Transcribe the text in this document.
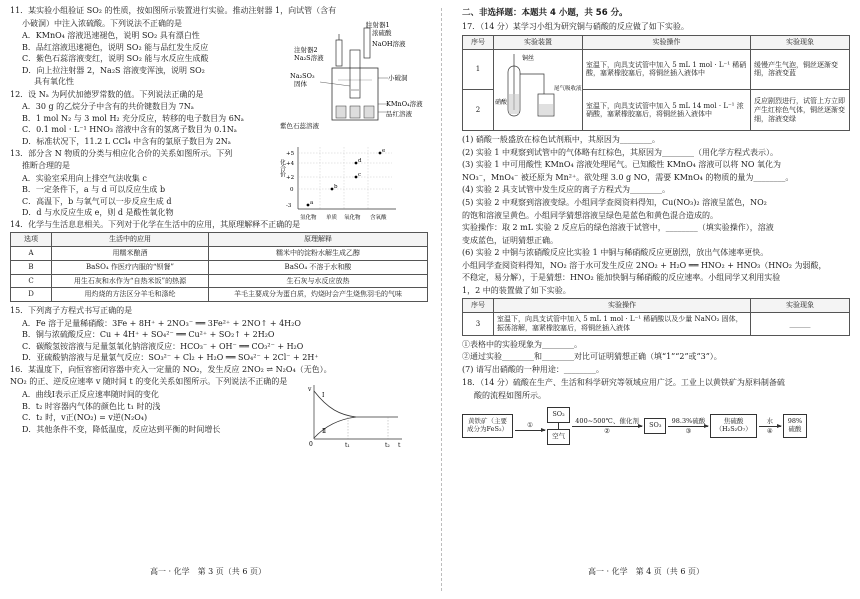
11．某实验小组验证 SO₂ 的性质，按如图所示装置进行实验。推动注射器 1，向试管（含有

小破洞）中注入浓硫酸。下列说法不正确的是

A．KMnO₄ 溶液迅速褪色，说明 SO₂ 具有漂白性

B．品红溶液迅速褪色，说明 SO₂ 能与品红发生反应

C．紫色石蕊溶液变红，说明 SO₂ 能与水反应生成酸

D．向上拉注射器 2，Na₂S 溶液变浑浊，说明 SO₂

具有氧化性

注射器1
浓硫酸
NaOH溶液
注射器2
Na₂S溶液
Na₂SO₃
固体
小破洞
KMnO₄溶液
品红溶液
紫色石蕊溶液

12．设 Nₐ 为阿伏加德罗常数的值。下列说法正确的是

A．30 g 的乙烷分子中含有的共价键数目为 7Nₐ

B．1 mol N₂ 与 3 mol H₂ 充分反应，转移的电子数目为 6Nₐ

C．0.1 mol · L⁻¹ HNO₃ 溶液中含有的氢离子数目为 0.1Nₐ

D．标准状况下，11.2 L CCl₄ 中含有的氯原子数目为 2Nₐ

13．部分含 N 物质的分类与相应化合价的关系如图所示。下列

推断合理的是

A．实验室采用向上排空气法收集 c

B．一定条件下，a 与 d 可以反应生成 b

C．高温下，b 与氧气可以一步反应生成 d

D．d 与水反应生成 e，则 d 是酸性氧化物

化合价
+5
+4
+2
0
-3	a
b
c
d
e
氢化物 单质 氧化物 含氧酸

14．化学与生活息息相关。下列对于化学在生活中的应用，其原理解释不正确的是

选项	生活中的应用	原理解释
A	用糯米酿酒	糯米中的淀粉水解生成乙醇
B	BaSO₄ 作医疗内服的“钡餐”	BaSO₄ 不溶于水和酸
C	用生石灰和水作为“自热米饭”的热源	生石灰与水反应放热
D	用灼烧的方法区分羊毛和涤纶	羊毛主要成分为蛋白质，灼烧时会产生烧焦羽毛的气味

15．下列离子方程式书写正确的是

A．Fe 溶于足量稀硝酸：3Fe + 8H⁺ + 2NO₃⁻ ══ 3Fe²⁺ + 2NO↑ + 4H₂O

B．铜与浓硫酸反应：Cu + 4H⁺ + SO₄²⁻ ══ Cu²⁺ + SO₂↑ + 2H₂O

C．碳酸氢铵溶液与足量氢氧化钠溶液反应：HCO₃⁻ + OH⁻ ══ CO₃²⁻ + H₂O

D．亚硫酸钠溶液与足量氯气反应：SO₃²⁻ + Cl₂ + H₂O ══ SO₄²⁻ + 2Cl⁻ + 2H⁺

16．某温度下，向恒容密闭容器中充入一定量的 NO₂，发生反应 2NO₂ ⇌ N₂O₄（无色）。

NO₂ 的正、逆反应速率 v 随时间 t 的变化关系如图所示。下列说法不正确的是

A．曲线Ⅰ表示正反应速率随时间的变化

B．t₂ 时容器内气体的颜色比 t₁ 时的浅

C．t₂ 时，v正(NO₂) = v逆(N₂O₄)

D．其他条件不变，降低温度，反应达到平衡的时间增长

v
t
0	t₁	t₂
Ⅰ
Ⅱ
高一 · 化学　第 3 页（共 6 页）

二、非选择题：本题共 4 小题，共 56 分。

17．（14 分）某学习小组为研究铜与硝酸的反应做了如下实验。

序号	实验装置	实验操作	实验现象
1	铜丝
硝酸
尾气吸收液	室温下，向具支试管中加入 5 mL 1 mol · L⁻¹ 稀硝酸，塞紧橡胶塞后，将铜丝插入液体中	缓慢产生气泡，铜丝逐渐变细，溶液变蓝
2		室温下，向具支试管中加入 5 mL 14 mol · L⁻¹ 浓硝酸，塞紧橡胶塞后，将铜丝插入液体中	反应剧烈进行，试管上方立即产生红棕色气体，铜丝逐渐变细，溶液变绿

(1) 硝酸一般盛放在棕色试剂瓶中，其原因为________。

(2) 实验 1 中观察到试管中的气体略有红棕色，其原因为________（用化学方程式表示）。

(3) 实验 1 中可用酸性 KMnO₄ 溶液处理尾气。已知酸性 KMnO₄ 溶液可以将 NO 氧化为

NO₃⁻，MnO₄⁻ 被还原为 Mn²⁺。欲处理 3.0 g NO，需要 KMnO₄ 的物质的量为________。

(4) 实验 2 具支试管中发生反应的离子方程式为________。

(5) 实验 2 中观察到溶液变绿。小组同学查阅资料得知，Cu(NO₃)₂ 溶液呈蓝色，NO₂

的饱和溶液呈黄色。小组同学猜想溶液呈绿色是蓝色和黄色混合造成的。

实验操作：取 2 mL 实验 2 反应后的绿色溶液于试管中，________（填实验操作），溶液

变成蓝色，证明猜想正确。

(6) 实验 2 中铜与浓硝酸反应比实验 1 中铜与稀硝酸反应更剧烈，放出气体速率更快。

小组同学查阅资料得知，NO₂ 溶于水可发生反应 2NO₂ + H₂O ══ HNO₂ + HNO₃（HNO₂ 为弱酸，

不稳定，易分解），于是猜想：HNO₂ 能加快铜与稀硝酸的反应速率。小组同学又利用实验

1，2 中的装置做了如下实验。

序号	实验操作	实验现象
3	室温下，向具支试管中加入 5 mL 1 mol · L⁻¹ 稀硝酸以及少量 NaNO₂ 固体，振荡溶解，塞紧橡胶塞后，将铜丝插入液体	______

①表格中的实验现象为________。

②通过实验________和________对比可证明猜想正确（填“1”“2”或“3”）。

(7) 请写出硝酸的一种用途：________。

18．（14 分）硫酸在生产、生活和科学研究等领域应用广泛。工业上以黄铁矿为原料制备硫

酸的流程如图所示。

黄铁矿（主要
成分为FeS₂）	①
SO₂
空气
400~500℃、催化剂
②
SO₃
98.3%硫酸
③
焦硫酸
（H₂S₂O₇）
水
④
98%
硫酸
高一 · 化学　第 4 页（共 6 页）
